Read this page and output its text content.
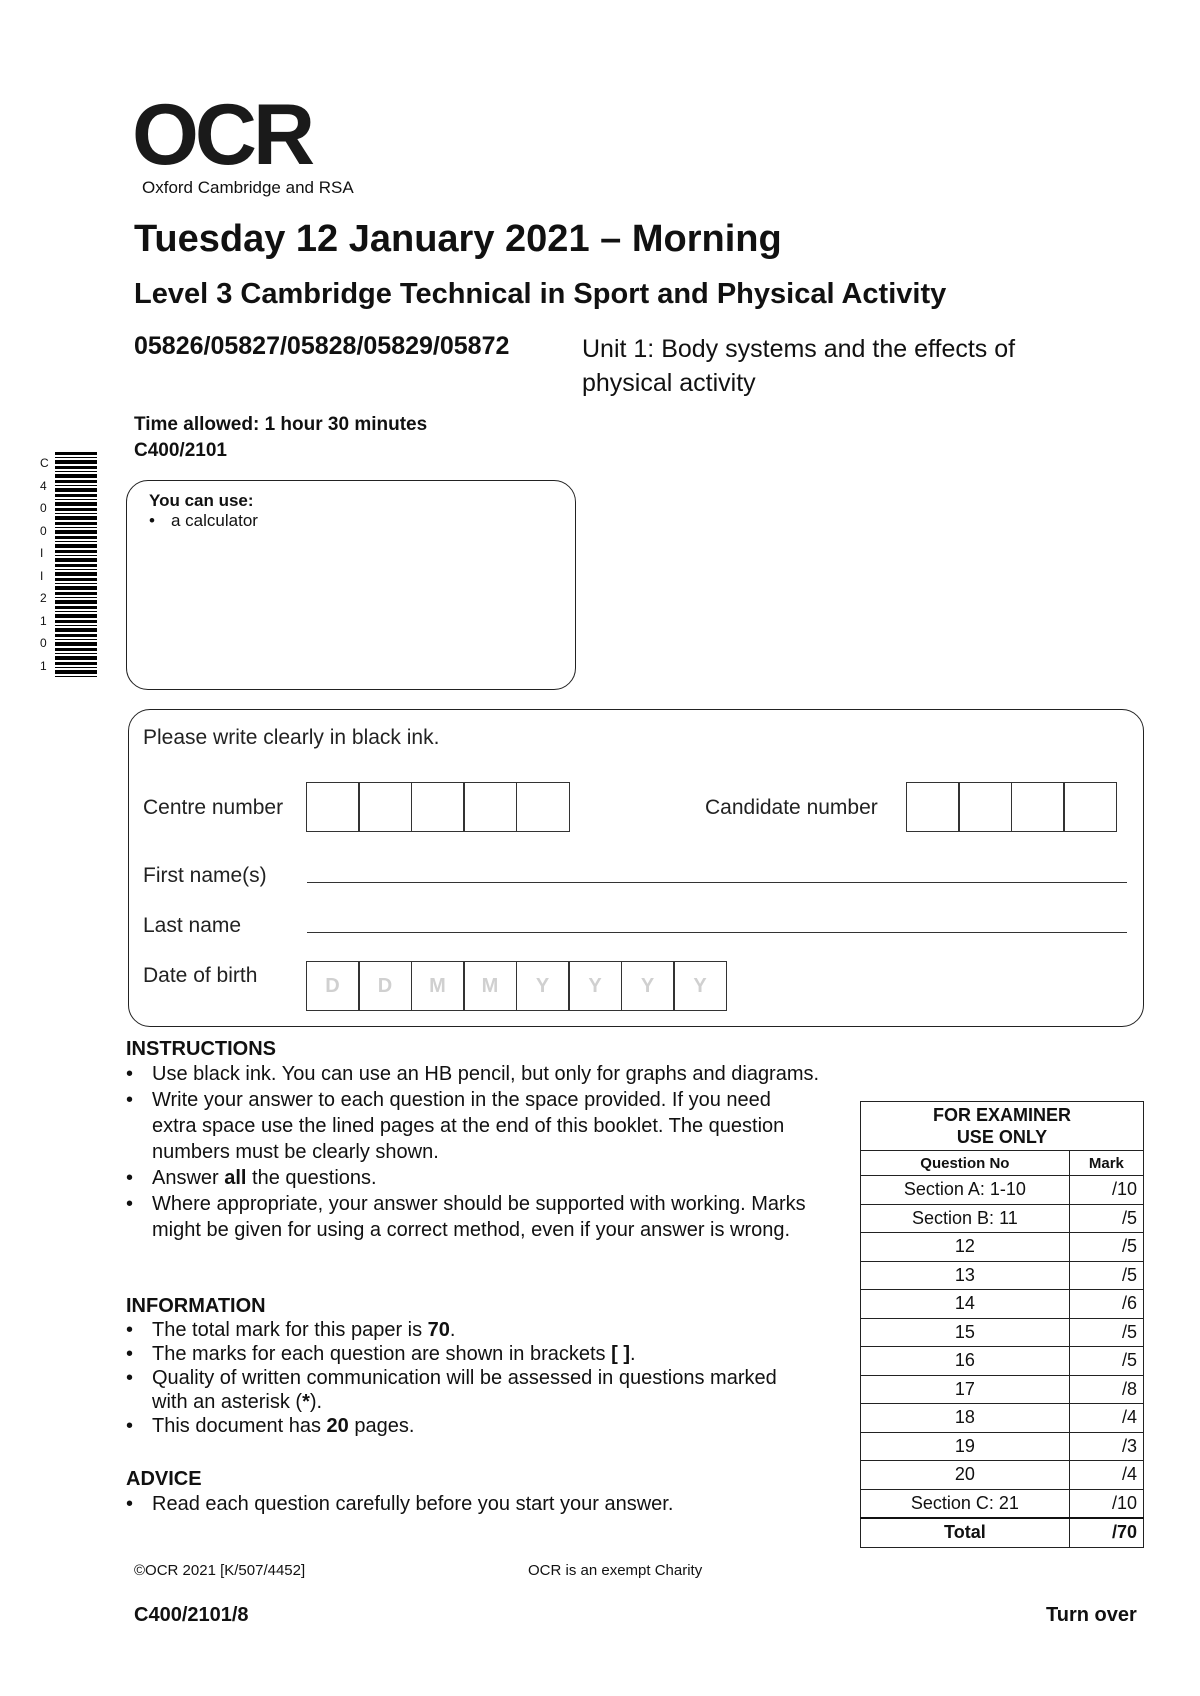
OCR
Oxford Cambridge and RSA
Tuesday 12 January 2021 – Morning
Level 3 Cambridge Technical in Sport and Physical Activity
05826/05827/05828/05829/05872	Unit 1: Body systems and the effects of physical activity
Time allowed: 1 hour 30 minutes
C400/2101
C
4
0
0
I
I
2
1
0
1
You can use:
• a calculator
Please write clearly in black ink.
Centre number	Candidate number
First name(s)
Last name
Date of birth	D	D	M	M	Y	Y	Y	Y
INSTRUCTIONS
• Use black ink. You can use an HB pencil, but only for graphs and diagrams.
• Write your answer to each question in the space provided. If you need extra space use the lined pages at the end of this booklet. The question numbers must be clearly shown.
• Answer all the questions.
• Where appropriate, your answer should be supported with working. Marks might be given for using a correct method, even if your answer is wrong.
INFORMATION
• The total mark for this paper is 70.
• The marks for each question are shown in brackets [ ].
• Quality of written communication will be assessed in questions marked with an asterisk (*).
• This document has 20 pages.
ADVICE
• Read each question carefully before you start your answer.
FOR EXAMINER
USE ONLY	

Question No	Mark
Section A: 1-10	/10
Section B: 11	/5
12	/5
13	/5
14	/6
15	/5
16	/5
17	/8
18	/4
19	/3
20	/4
Section C: 21	/10
Total	/70
©OCR 2021 [K/507/4452]	OCR is an exempt Charity
C400/2101/8	Turn over
